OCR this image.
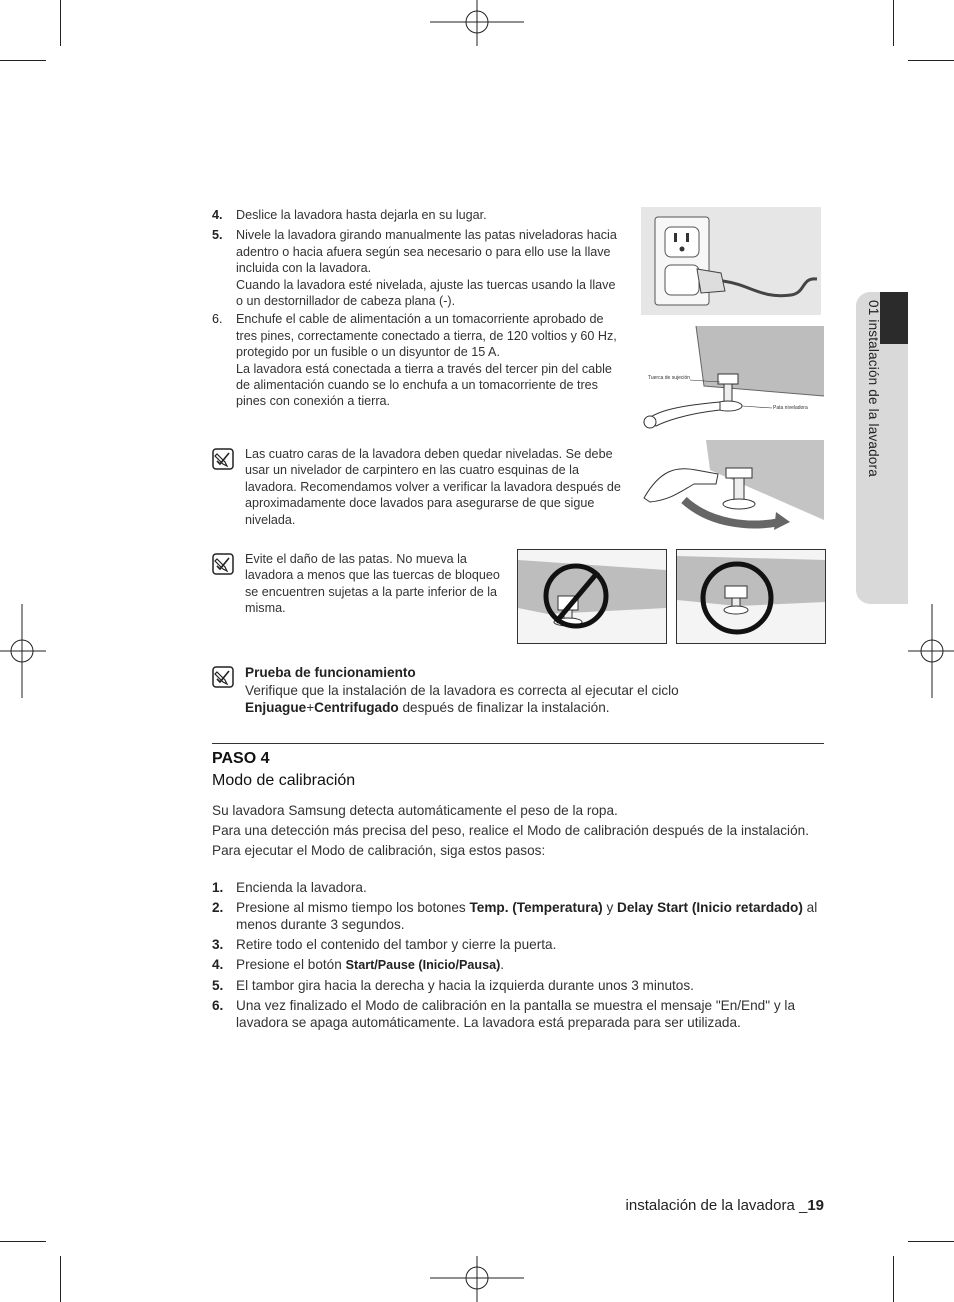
01 instalación de la lavadora
4.	Deslice la lavadora hasta dejarla en su lugar.
5.	Nivele la lavadora girando manualmente las patas niveladoras hacia adentro o hacia afuera según sea necesario o para ello use la llave incluida con la lavadora.
Cuando la lavadora esté nivelada, ajuste las tuercas usando la llave o un destornillador de cabeza plana (-).
6.	Enchufe el cable de alimentación a un tomacorriente aprobado de tres pines, correctamente conectado a tierra, de 120 voltios y 60 Hz, protegido por un fusible o un disyuntor de 15 A.
La lavadora está conectada a tierra a través del tercer pin del cable de alimentación cuando se lo enchufa a un tomacorriente de tres pines con conexión a tierra.
Tuerca de sujeción
Pata niveladora
Las cuatro caras de la lavadora deben quedar niveladas. Se debe usar un nivelador de carpintero en las cuatro esquinas de la lavadora. Recomendamos volver a verificar la lavadora después de aproximadamente doce lavados para asegurarse de que sigue nivelada.
Evite el daño de las patas. No mueva la lavadora a menos que las tuercas de bloqueo se encuentren sujetas a la parte inferior de la misma.
Prueba de funcionamiento
Verifique que la instalación de la lavadora es correcta al ejecutar el ciclo Enjuague+Centrifugado después de finalizar la instalación.
PASO 4
Modo de calibración

Su lavadora Samsung detecta automáticamente el peso de la ropa.

Para una detección más precisa del peso, realice el Modo de calibración después de la instalación.

Para ejecutar el Modo de calibración, siga estos pasos:

1. Encienda la lavadora.
2. Presione al mismo tiempo los botones Temp. (Temperatura) y Delay Start (Inicio retardado) al menos durante 3 segundos.
3. Retire todo el contenido del tambor y cierre la puerta.
4. Presione el botón Start/Pause (Inicio/Pausa).
5. El tambor gira hacia la derecha y hacia la izquierda durante unos 3 minutos.
6. Una vez finalizado el Modo de calibración en la pantalla se muestra el mensaje "En/End" y la lavadora se apaga automáticamente. La lavadora está preparada para ser utilizada.
instalación de la lavadora _19
